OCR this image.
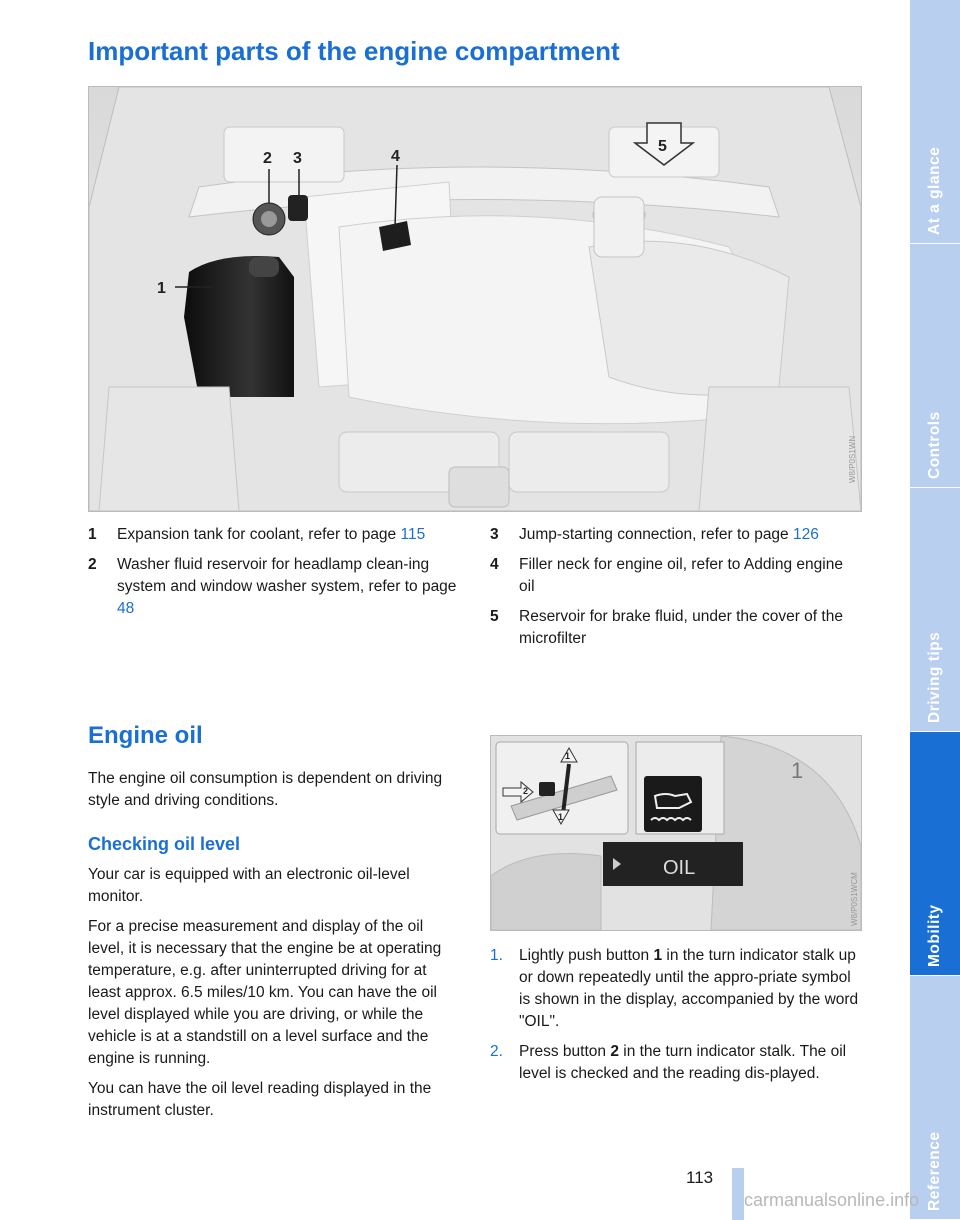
Important parts of the engine compartment
1
2 3	4
5
W8/P0S1WN
1	Expansion tank for coolant, refer to page 115
2	Washer fluid reservoir for headlamp clean-ing system and window washer system, refer to page 48
3	Jump-starting connection, refer to page 126
4	Filler neck for engine oil, refer to Adding engine oil
5	Reservoir for brake fluid, under the cover of the microfilter
Engine oil

The engine oil consumption is dependent on driving style and driving conditions.

Checking oil level

Your car is equipped with an electronic oil-level monitor.

For a precise measurement and display of the oil level, it is necessary that the engine be at operating temperature, e.g. after uninterrupted driving for at least approx. 6.5 miles/10 km. You can have the oil level displayed while you are driving, or while the vehicle is at a standstill on a level surface and the engine is running.

You can have the oil level reading displayed in the instrument cluster.

OIL
1
2
1
1
W8/P0S1WCM
1.	Lightly push button 1 in the turn indicator stalk up or down repeatedly until the appro-priate symbol is shown in the display, accompanied by the word "OIL".
2.	Press button 2 in the turn indicator stalk. The oil level is checked and the reading dis-played.
113
At a glance
Controls
Driving tips
Mobility
Reference
carmanualsonline.info
